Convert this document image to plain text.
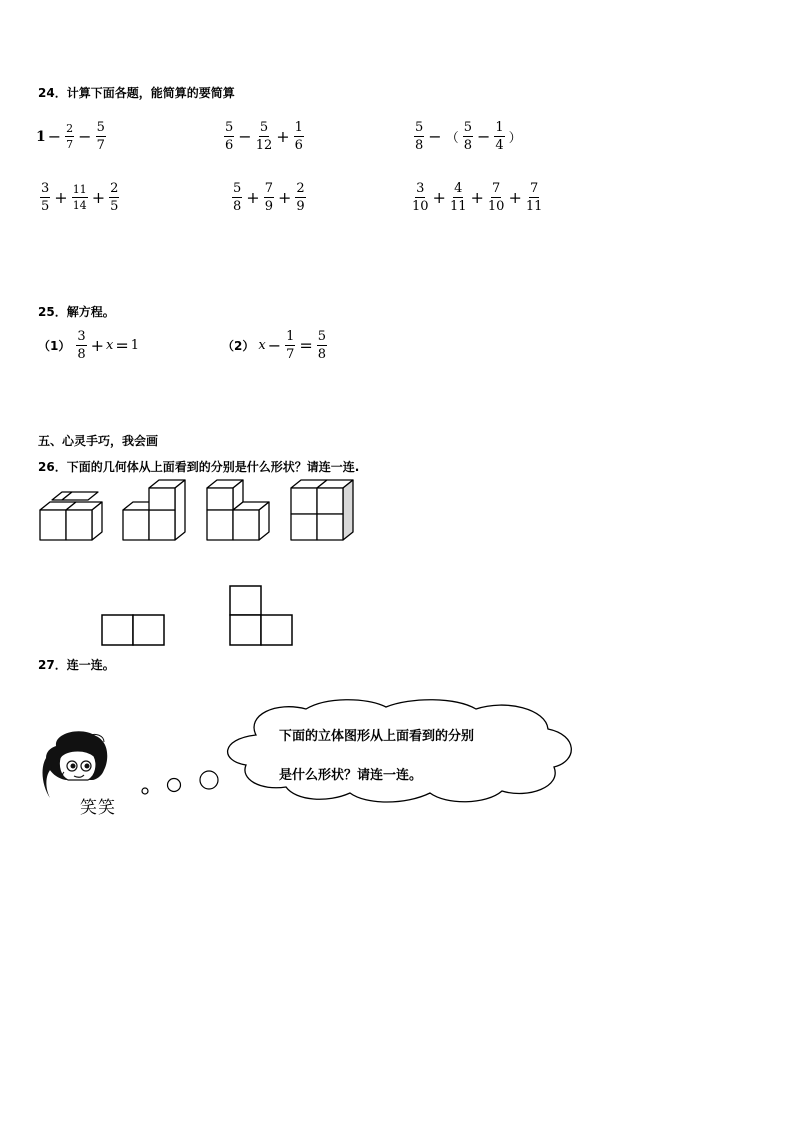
24．计算下面各题，能简算的要简算
$1 - \frac{2}{7} - \frac{5}{7}$	$\frac{5}{6} - \frac{5}{12} + \frac{1}{6}$	$\frac{5}{8}$ − （ $\frac{5}{8} - \frac{1}{4}$ ）
$\frac{3}{5} + \frac{11}{14} + \frac{2}{5}$	$\frac{5}{8} + \frac{7}{9} + \frac{2}{9}$	$\frac{3}{10} + \frac{4}{11} + \frac{7}{10} + \frac{7}{11}$
25．解方程。
$(1) \frac{3}{8} + x = 1$	（2） $x - \frac{1}{7} = \frac{5}{8}$
五、心灵手巧，我会画
26．下面的几何体从上面看到的分别是什么形状？请连一连.
27．连一连。
笑笑
下面的立体图形从上面看到的分别
是什么形状？请连一连。
